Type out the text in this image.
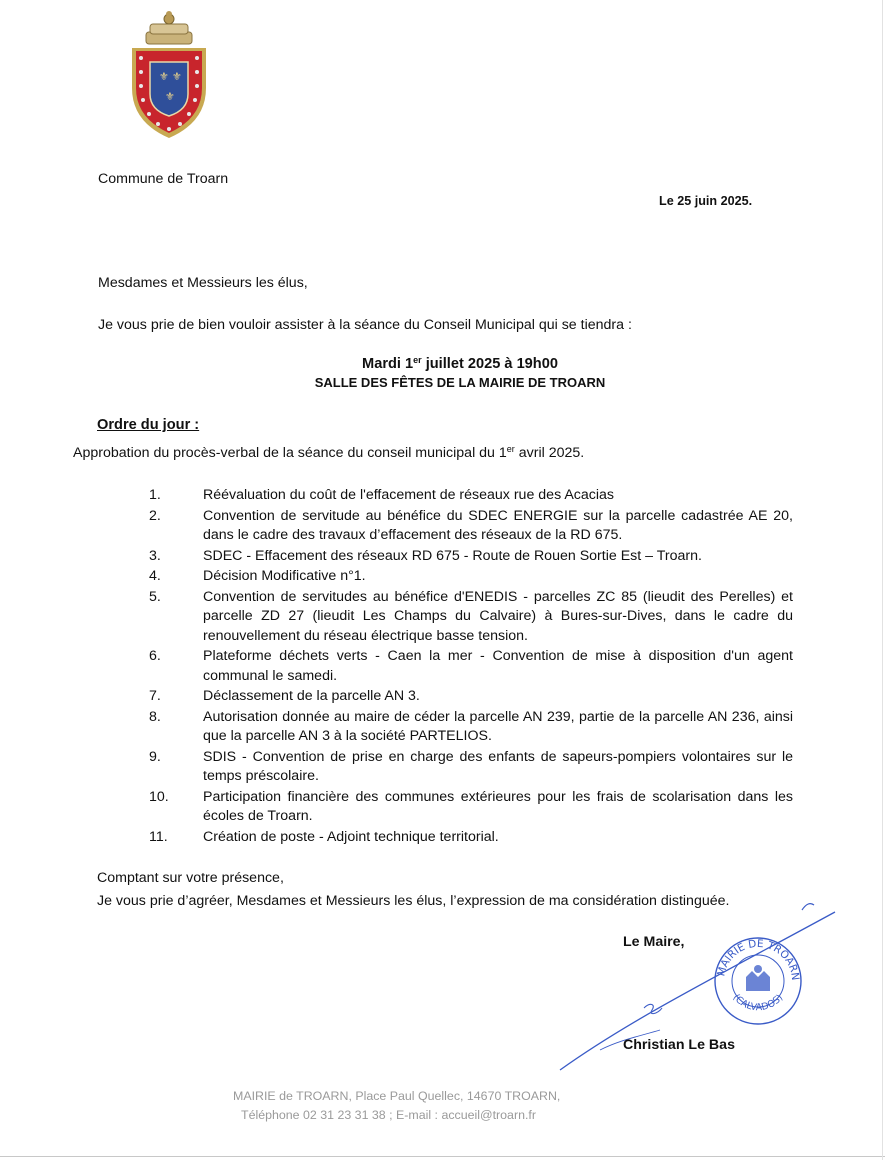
⚜ ⚜
⚜
Commune de Troarn
Le 25 juin 2025.
Mesdames et Messieurs les élus,
Je vous prie de bien vouloir assister à la séance du Conseil Municipal qui se tiendra :
Mardi 1er juillet 2025 à 19h00
SALLE DES FÊTES DE LA MAIRIE DE TROARN
Ordre du jour :
Approbation du procès-verbal de la séance du conseil municipal du 1er avril 2025.
1.	Réévaluation du coût de l'effacement de réseaux rue des Acacias
2.	Convention de servitude au bénéfice du SDEC ENERGIE sur la parcelle cadastrée AE 20, dans le cadre des travaux d’effacement des réseaux de la RD 675.
3.	SDEC - Effacement des réseaux RD 675 - Route de Rouen Sortie Est – Troarn.
4.	Décision Modificative n°1.
5.	Convention de servitudes au bénéfice d'ENEDIS - parcelles ZC 85 (lieudit des Perelles) et parcelle ZD 27 (lieudit Les Champs du Calvaire) à Bures-sur-Dives, dans le cadre du renouvellement du réseau électrique basse tension.
6.	Plateforme déchets verts - Caen la mer - Convention de mise à disposition d'un agent communal le samedi.
7.	Déclassement de la parcelle AN 3.
8.	Autorisation donnée au maire de céder la parcelle AN 239, partie de la parcelle AN 236, ainsi que la parcelle AN 3 à la société PARTELIOS.
9.	SDIS - Convention de prise en charge des enfants de sapeurs-pompiers volontaires sur le temps préscolaire.
10.	Participation financière des communes extérieures pour les frais de scolarisation dans les écoles de Troarn.
11.	Création de poste - Adjoint technique territorial.
Comptant sur votre présence,
Je vous prie d’agréer, Mesdames et Messieurs les élus, l’expression de ma considération distinguée.
Le Maire,
MAIRIE DE TROARN
(CALVADOS)
Christian Le Bas
MAIRIE de TROARN, Place Paul Quellec, 14670 TROARN,
Téléphone 02 31 23 31 38 ; E-mail : accueil@troarn.fr
